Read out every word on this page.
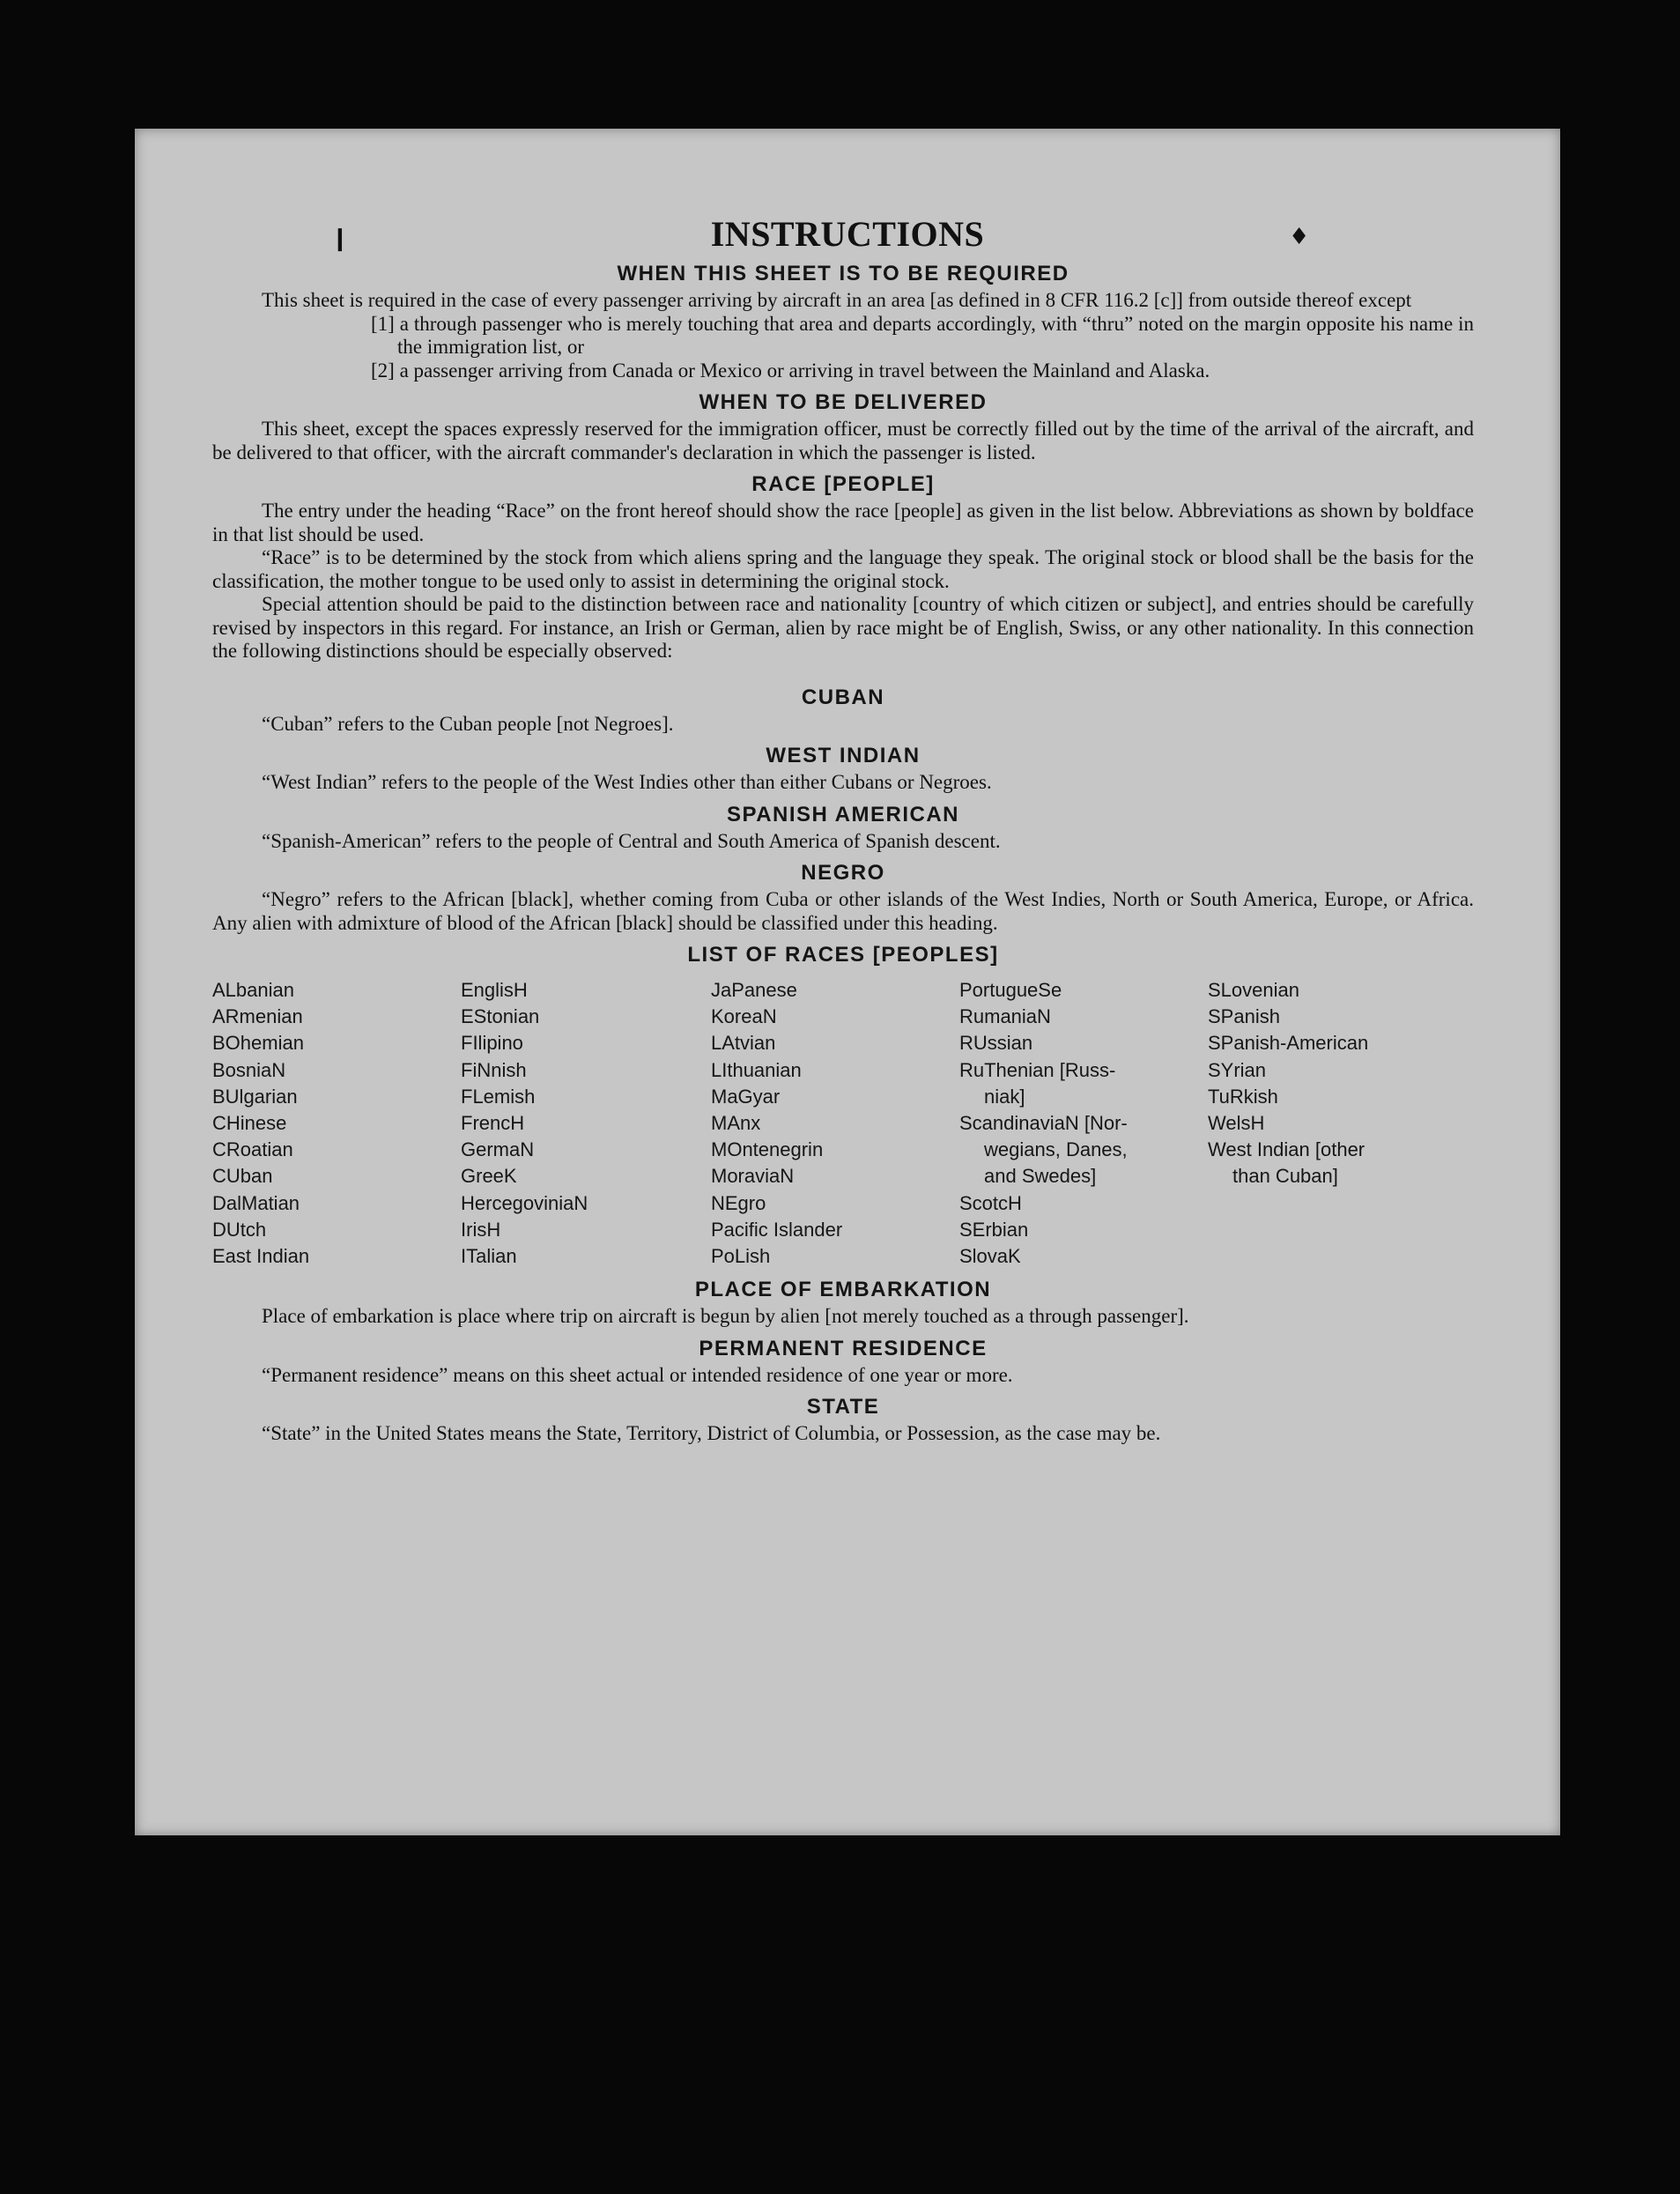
❙	♦
INSTRUCTIONS
WHEN THIS SHEET IS TO BE REQUIRED

This sheet is required in the case of every passenger arriving by aircraft in an area [as defined in 8 CFR 116.2 [c]] from outside thereof except

[1] a through passenger who is merely touching that area and departs accordingly, with “thru” noted on the margin opposite his name in the immigration list, or

[2] a passenger arriving from Canada or Mexico or arriving in travel between the Mainland and Alaska.

WHEN TO BE DELIVERED

This sheet, except the spaces expressly reserved for the immigration officer, must be correctly filled out by the time of the arrival of the aircraft, and be delivered to that officer, with the aircraft commander's declaration in which the passenger is listed.

RACE [PEOPLE]

The entry under the heading “Race” on the front hereof should show the race [people] as given in the list below. Abbreviations as shown by boldface in that list should be used.

“Race” is to be determined by the stock from which aliens spring and the language they speak. The original stock or blood shall be the basis for the classification, the mother tongue to be used only to assist in determining the original stock.

Special attention should be paid to the distinction between race and nationality [country of which citizen or subject], and entries should be carefully revised by inspectors in this regard. For instance, an Irish or German, alien by race might be of English, Swiss, or any other nationality. In this connection the following distinctions should be especially observed:

CUBAN

“Cuban” refers to the Cuban people [not Negroes].

WEST INDIAN

“West Indian” refers to the people of the West Indies other than either Cubans or Negroes.

SPANISH AMERICAN

“Spanish-American” refers to the people of Central and South America of Spanish descent.

NEGRO

“Negro” refers to the African [black], whether coming from Cuba or other islands of the West Indies, North or South America, Europe, or Africa. Any alien with admixture of blood of the African [black] should be classified under this heading.

LIST OF RACES [PEOPLES]
ALbanian
ARmenian
BOhemian
BosniaN
BUlgarian
CHinese
CRoatian
CUban
DalMatian
DUtch
East Indian
EnglisH
EStonian
FIlipino
FiNnish
FLemish
FrencH
GermaN
GreeK
HercegoviniaN
IrisH
ITalian
JaPanese
KoreaN
LAtvian
LIthuanian
MaGyar
MAnx
MOntenegrin
MoraviaN
NEgro
Pacific Islander
PoLish
PortugueSe
RumaniaN
RUssian
RuThenian [Russ-
niak]
ScandinaviaN [Nor-
wegians, Danes,
and Swedes]
ScotcH
SErbian
SlovaK
SLovenian
SPanish
SPanish-American
SYrian
TuRkish
WelsH
West Indian [other
than Cuban]
PLACE OF EMBARKATION

Place of embarkation is place where trip on aircraft is begun by alien [not merely touched as a through passenger].

PERMANENT RESIDENCE

“Permanent residence” means on this sheet actual or intended residence of one year or more.

STATE

“State” in the United States means the State, Territory, District of Columbia, or Possession, as the case may be.
